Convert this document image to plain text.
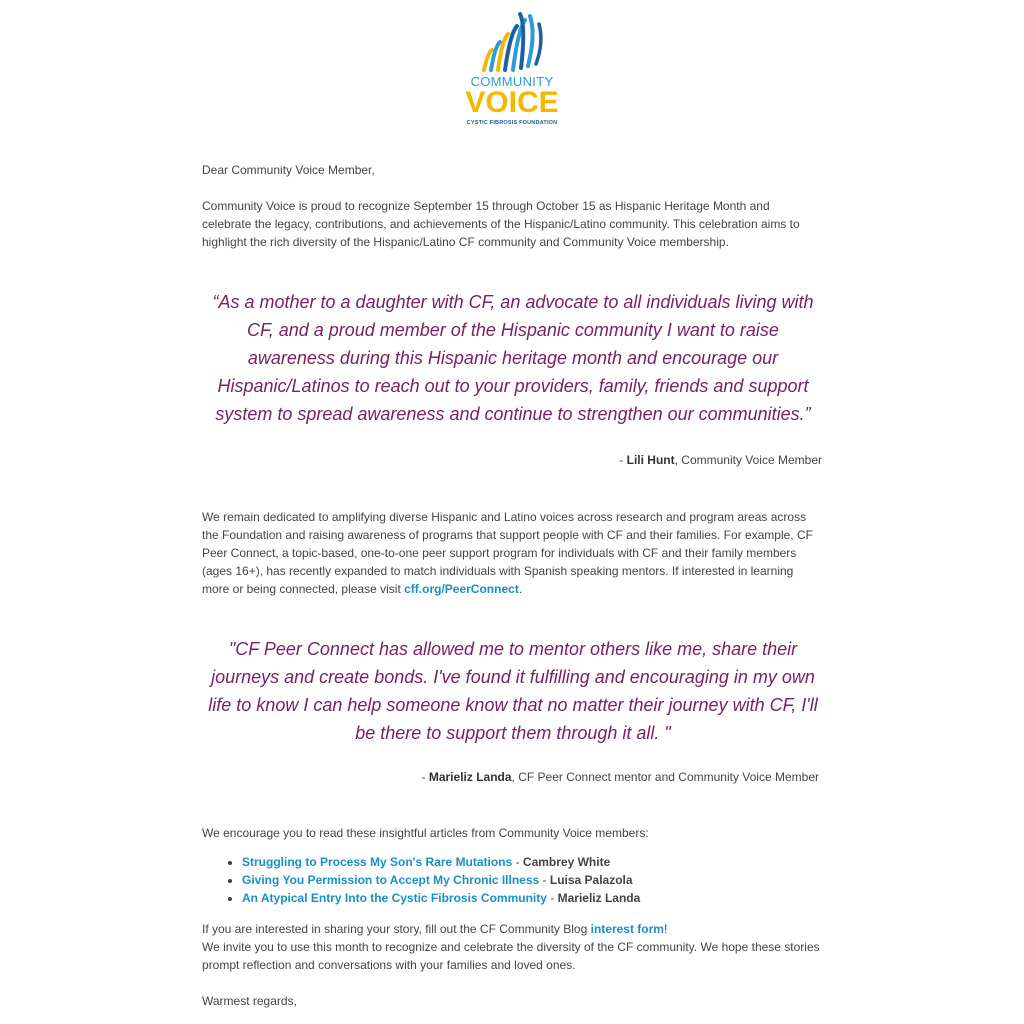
COMMUNITY
VOICE
CYSTIC FIBROSIS FOUNDATION

Dear Community Voice Member,

Community Voice is proud to recognize September 15 through October 15 as Hispanic Heritage Month and celebrate the legacy, contributions, and achievements of the Hispanic/Latino community. This celebration aims to highlight the rich diversity of the Hispanic/Latino CF community and Community Voice membership.

“As a mother to a daughter with CF, an advocate to all individuals living with CF, and a proud member of the Hispanic community I want to raise awareness during this Hispanic heritage month and encourage our Hispanic/Latinos to reach out to your providers, family, friends and support system to spread awareness and continue to strengthen our communities.”
- Lili Hunt, Community Voice Member

We remain dedicated to amplifying diverse Hispanic and Latino voices across research and program areas across the Foundation and raising awareness of programs that support people with CF and their families. For example, CF Peer Connect, a topic-based, one-to-one peer support program for individuals with CF and their family members (ages 16+), has recently expanded to match individuals with Spanish speaking mentors. If interested in learning more or being connected, please visit cff.org/PeerConnect.

"CF Peer Connect has allowed me to mentor others like me, share their journeys and create bonds. I've found it fulfilling and encouraging in my own life to know I can help someone know that no matter their journey with CF, I'll be there to support them through it all. "
- Marieliz Landa, CF Peer Connect mentor and Community Voice Member

We encourage you to read these insightful articles from Community Voice members:

• Struggling to Process My Son's Rare Mutations - Cambrey White
• Giving You Permission to Accept My Chronic Illness - Luisa Palazola
• An Atypical Entry Into the Cystic Fibrosis Community - Marieliz Landa

If you are interested in sharing your story, fill out the CF Community Blog interest form!

We invite you to use this month to recognize and celebrate the diversity of the CF community. We hope these stories prompt reflection and conversations with your families and loved ones.

Warmest regards,
